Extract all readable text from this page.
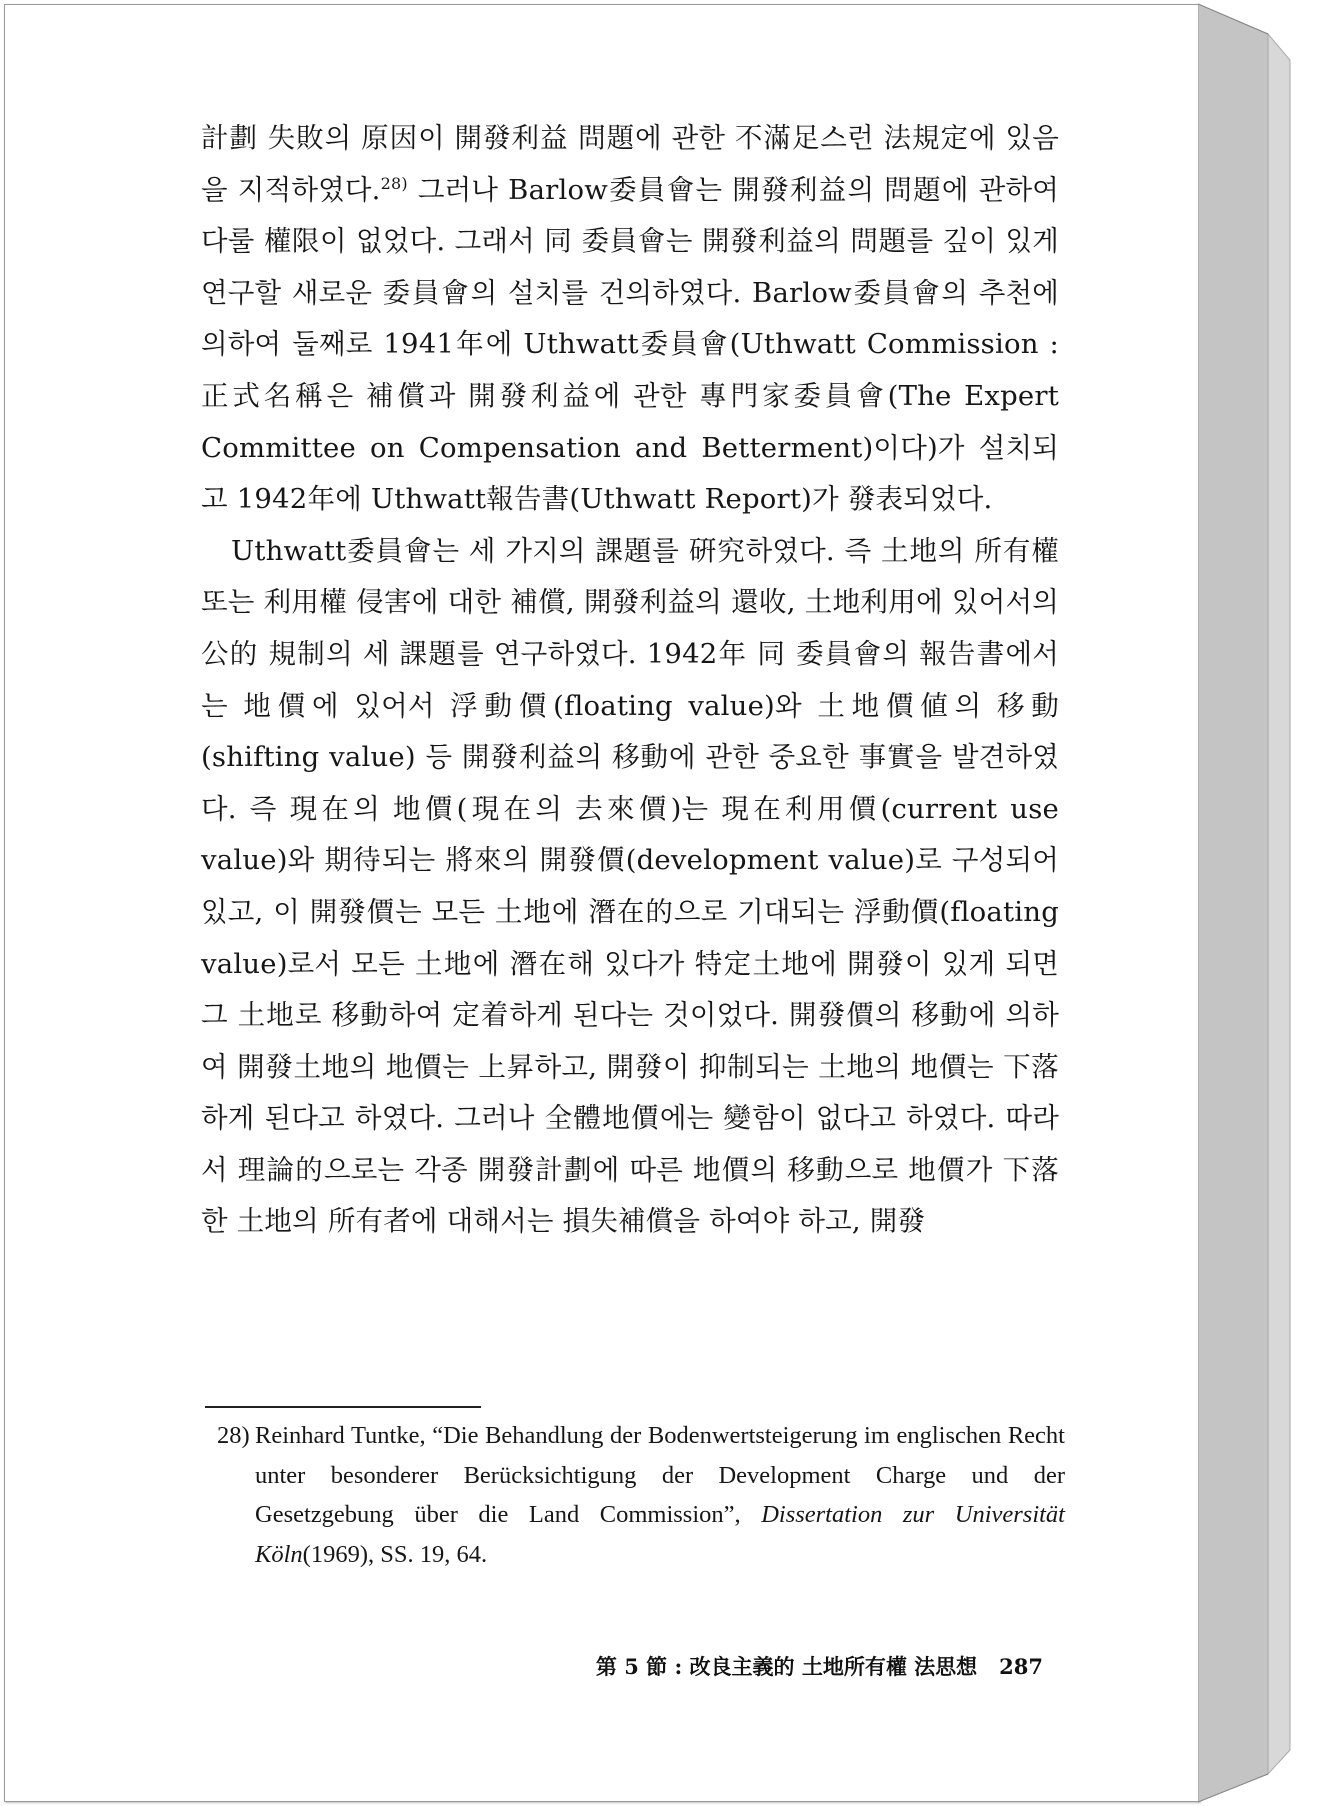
計劃 失敗의 原因이 開發利益 問題에 관한 不滿足스런 法規定에 있음을 지적하였다.$^{28)}$ 그러나 Barlow委員會는 開發利益의 問題에 관하여 다룰 權限이 없었다. 그래서 同 委員會는 開發利益의 問題를 깊이 있게 연구할 새로운 委員會의 설치를 건의하였다. Barlow委員會의 추천에 의하여 둘째로 1941年에 Uthwatt委員會(Uthwatt Commission : 正式名稱은 補償과 開發利益에 관한 專門家委員會(The Expert Committee on Compensation and Betterment)이다)가 설치되고 1942年에 Uthwatt報告書(Uthwatt Report)가 發表되었다.

Uthwatt委員會는 세 가지의 課題를 硏究하였다. 즉 土地의 所有權 또는 利用權 侵害에 대한 補償, 開發利益의 還收, 土地利用에 있어서의 公的 規制의 세 課題를 연구하였다. 1942年 同 委員會의 報告書에서는 地價에 있어서 浮動價(floating value)와 土地價値의 移動(shifting value) 등 開發利益의 移動에 관한 중요한 事實을 발견하였다. 즉 現在의 地價(現在의 去來價)는 現在利用價(current use value)와 期待되는 將來의 開發價(development value)로 구성되어 있고, 이 開發價는 모든 土地에 潛在的으로 기대되는 浮動價(floating value)로서 모든 土地에 潛在해 있다가 特定土地에 開發이 있게 되면 그 土地로 移動하여 定着하게 된다는 것이었다. 開發價의 移動에 의하여 開發土地의 地價는 上昇하고, 開發이 抑制되는 土地의 地價는 下落하게 된다고 하였다. 그러나 全體地價에는 變함이 없다고 하였다. 따라서 理論的으로는 각종 開發計劃에 따른 地價의 移動으로 地價가 下落한 土地의 所有者에 대해서는 損失補償을 하여야 하고, 開發

28) Reinhard Tuntke, “Die Behandlung der Bodenwertsteigerung im englischen Recht unter besonderer Berücksichtigung der Development Charge und der Gesetzgebung über die Land Commission”, Dissertation zur Universität Köln(1969), SS. 19, 64.
第 5 節 : 改良主義的 土地所有權 法思想 287
